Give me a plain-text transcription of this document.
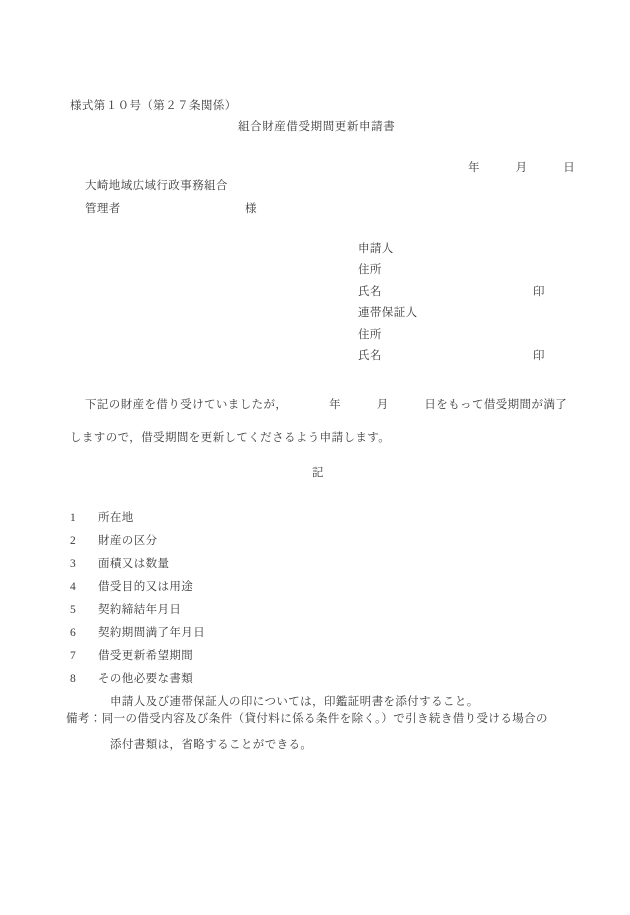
様式第１０号（第２７条関係）
組合財産借受期間更新申請書
年　　　月　　　日
大崎地域広域行政事務組合
管理者	様
申請人
住所
氏名	印
連帯保証人
住所
氏名	印
下記の財産を借り受けていましたが，　　　　年　　　月　　　日をもって借受期間が満了
しますので，借受期間を更新してくださるよう申請します。
記

1

所在地

2

財産の区分

3

面積又は数量

4

借受目的又は用途

5

契約締結年月日

6

契約期間満了年月日

7

借受更新希望期間

8

その他必要な書類

申請人及び連帯保証人の印については，印鑑証明書を添付すること。

備考：同一の借受内容及び条件（貸付料に係る条件を除く。）で引き続き借り受ける場合の
添付書類は，省略することができる。
